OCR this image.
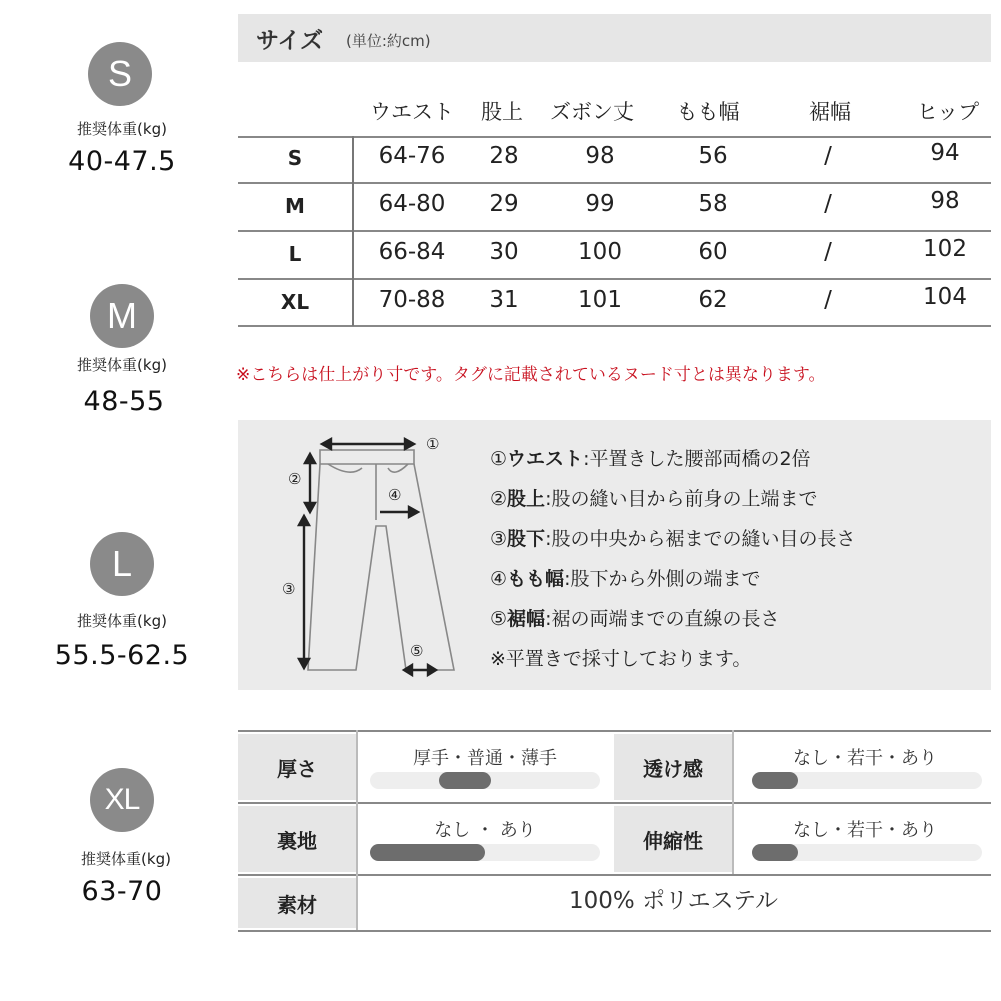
S
推奨体重(kg)
40-47.5
M
推奨体重(kg)
48-55
L
推奨体重(kg)
55.5-62.5
XL
推奨体重(kg)
63-70
サイズ (単位:約cm)
ウエスト	股上	ズボン丈	もも幅	裾幅	ヒップ
S	64-76	28	98	56	/	94
M	64-80	29	99	58	/	98
L	66-84	30	100	60	/	102
XL	70-88	31	101	62	/	104
※こちらは仕上がり寸です。タグに記載されているヌード寸とは異なります。
①
②
③
④
⑤
①ウエスト:平置きした腰部両橋の2倍
②股上:股の縫い目から前身の上端まで
③股下:股の中央から裾までの縫い目の長さ
④もも幅:股下から外側の端まで
⑤裾幅:裾の両端までの直線の長さ
※平置きで採寸しております。
厚さ	厚手・普通・薄手	透け感	なし・若干・あり
裏地	なし ・ あり	伸縮性	なし・若干・あり
素材	100% ポリエステル
